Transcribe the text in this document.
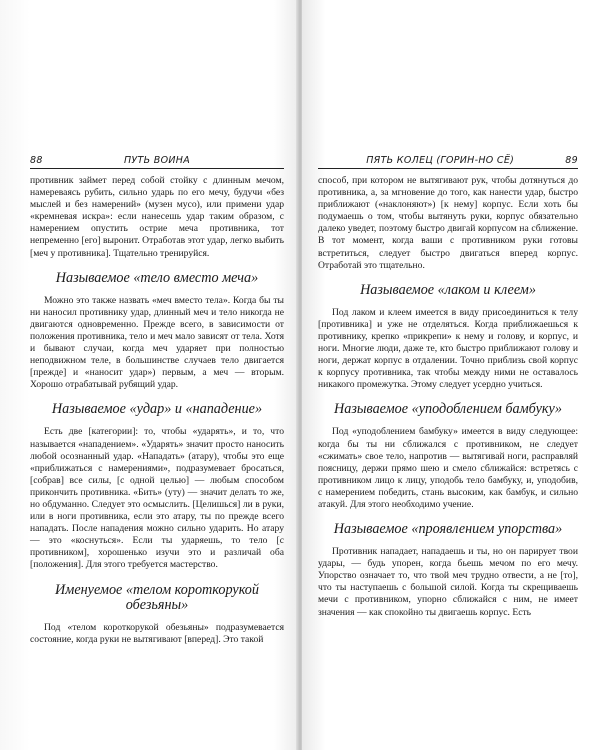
88	ПУТЬ ВОИНА

противник займет перед собой стойку с длинным мечом, намереваясь рубить, сильно ударь по его мечу, будучи «без мыслей и без намерений» (музен мусо), или примени удар «кремневая искра»: если нанесешь удар таким образом, с намерением опустить острие меча противника, тот непременно [его] выронит. Отработав этот удар, легко выбить [меч у противника]. Тщательно тренируйся.

Называемое «тело вместо меча»

Можно это также назвать «меч вместо тела». Когда бы ты ни наносил противнику удар, длинный меч и тело никогда не двигаются одновременно. Прежде всего, в зависимости от положения противника, тело и меч мало зависят от тела. Хотя и бывают случаи, когда меч ударяет при полностью неподвижном теле, в большинстве случаев тело двигается [прежде] и «наносит удар») первым, а меч — вторым. Хорошо отрабатывай рубящий удар.

Называемое «удар» и «нападение»

Есть две [категории]: то, чтобы «ударять», и то, что называется «нападением». «Ударять» значит просто наносить любой осознанный удар. «Нападать» (атару), чтобы это еще «приближаться с намерениями», подразумевает бросаться, [собрав] все силы, [с одной целью] — любым способом прикончить противника. «Бить» (уту) — значит делать то же, но обдуманно. Следует это осмыслить. [Целишься] ли в руки, или в ноги противника, если это атару, ты по прежде всего нападать. После нападения можно сильно ударить. Но атару — это «коснуться». Если ты ударяешь, то тело [с противником], хорошенько изучи это и различай оба [положения]. Для этого требуется мастерство.

Именуемое «телом короткорукой обезьяны»

Под «телом короткорукой обезьяны» подразумевается состояние, когда руки не вытягивают [вперед]. Это такой

ПЯТЬ КОЛЕЦ (ГОРИН-НО СЁ)	89

способ, при котором не вытягивают рук, чтобы дотянуться до противника, а, за мгновение до того, как нанести удар, быстро приближают («наклоняют») [к нему] корпус. Если хоть бы подумаешь о том, чтобы вытянуть руки, корпус обязательно далеко уведет, поэтому быстро двигай корпусом на сближение. В тот момент, когда ваши с противником руки готовы встретиться, следует быстро двигаться вперед корпус. Отработай это тщательно.

Называемое «лаком и клеем»

Под лаком и клеем имеется в виду присоединиться к телу [противника] и уже не отделяться. Когда приближаешься к противнику, крепко «прикрепи» к нему и голову, и корпус, и ноги. Многие люди, даже те, кто быстро приближают голову и ноги, держат корпус в отдалении. Точно приблизь свой корпус к корпусу противника, так чтобы между ними не оставалось никакого промежутка. Этому следует усердно учиться.

Называемое «уподоблением бамбуку»

Под «уподоблением бамбуку» имеется в виду следующее: когда бы ты ни сближался с противником, не следует «сжимать» свое тело, напротив — вытягивай ноги, расправляй поясницу, держи прямо шею и смело сближайся: встретясь с противником лицо к лицу, уподобь тело бамбуку, и, уподобив, с намерением победить, стань высоким, как бамбук, и сильно атакуй. Для этого необходимо учение.

Называемое «проявлением упорства»

Противник нападает, нападаешь и ты, но он парирует твои удары, — будь упорен, когда бьешь мечом по его мечу. Упорство означает то, что твой меч трудно отвести, а не [то], что ты наступаешь с большой силой. Когда ты скрещиваешь мечи с противником, упорно сближайся с ним, не имеет значения — как спокойно ты двигаешь корпус. Есть
